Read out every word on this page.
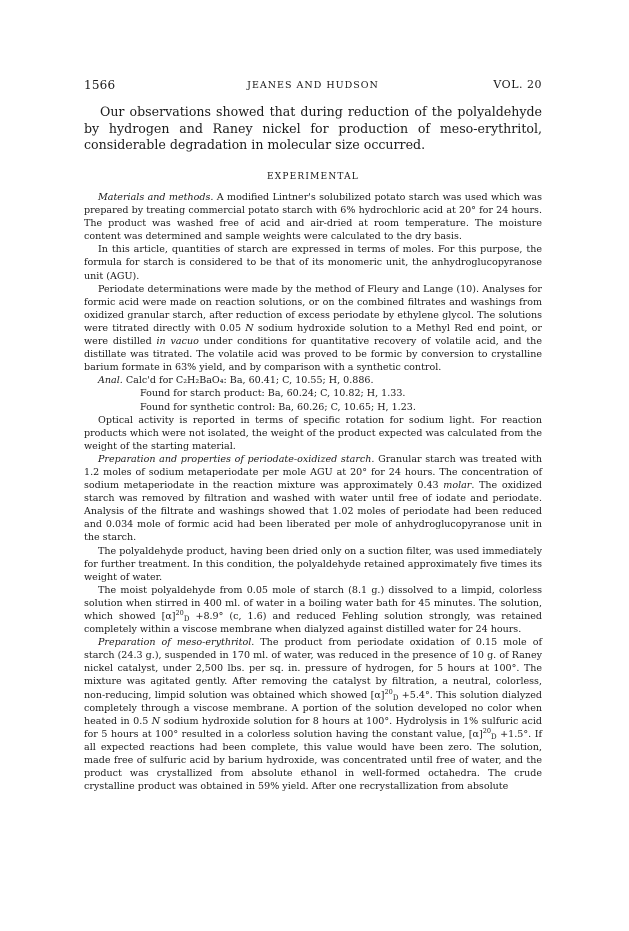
1566	JEANES AND HUDSON	VOL. 20

Our observations showed that during reduction of the polyaldehyde by hydrogen and Raney nickel for production of meso-erythritol, considerable degradation in molecular size occurred.

EXPERIMENTAL

Materials and methods. A modified Lintner's solubilized potato starch was used which was prepared by treating commercial potato starch with 6% hydrochloric acid at 20° for 24 hours. The product was washed free of acid and air-dried at room temperature. The moisture content was determined and sample weights were calculated to the dry basis.

In this article, quantities of starch are expressed in terms of moles. For this purpose, the formula for starch is considered to be that of its monomeric unit, the anhydroglucopyranose unit (AGU).

Periodate determinations were made by the method of Fleury and Lange (10). Analyses for formic acid were made on reaction solutions, or on the combined filtrates and washings from oxidized granular starch, after reduction of excess periodate by ethylene glycol. The solutions were titrated directly with 0.05 N sodium hydroxide solution to a Methyl Red end point, or were distilled in vacuo under conditions for quantitative recovery of volatile acid, and the distillate was titrated. The volatile acid was proved to be formic by conversion to crystalline barium formate in 63% yield, and by comparison with a synthetic control.

Anal. Calc'd for C₂H₂BaO₄: Ba, 60.41; C, 10.55; H, 0.886.

Found for starch product: Ba, 60.24; C, 10.82; H, 1.33.

Found for synthetic control: Ba, 60.26; C, 10.65; H, 1.23.

Optical activity is reported in terms of specific rotation for sodium light. For reaction products which were not isolated, the weight of the product expected was calculated from the weight of the starting material.

Preparation and properties of periodate-oxidized starch. Granular starch was treated with 1.2 moles of sodium metaperiodate per mole AGU at 20° for 24 hours. The concentration of sodium metaperiodate in the reaction mixture was approximately 0.43 molar. The oxidized starch was removed by filtration and washed with water until free of iodate and periodate. Analysis of the filtrate and washings showed that 1.02 moles of periodate had been reduced and 0.034 mole of formic acid had been liberated per mole of anhydroglucopyranose unit in the starch.

The polyaldehyde product, having been dried only on a suction filter, was used immediately for further treatment. In this condition, the polyaldehyde retained approximately five times its weight of water.

The moist polyaldehyde from 0.05 mole of starch (8.1 g.) dissolved to a limpid, colorless solution when stirred in 400 ml. of water in a boiling water bath for 45 minutes. The solution, which showed $[\alpha]^{20}_D +8.9^\circ$ (c, 1.6) and reduced Fehling solution strongly, was retained completely within a viscose membrane when dialyzed against distilled water for 24 hours.

Preparation of meso-erythritol. The product from periodate oxidation of 0.15 mole of starch (24.3 g.), suspended in 170 ml. of water, was reduced in the presence of 10 g. of Raney nickel catalyst, under 2,500 lbs. per sq. in. pressure of hydrogen, for 5 hours at 100°. The mixture was agitated gently. After removing the catalyst by filtration, a neutral, colorless, non-reducing, limpid solution was obtained which showed $[\alpha]^{20}_D +5.4^\circ$. This solution dialyzed completely through a viscose membrane. A portion of the solution developed no color when heated in 0.5 N sodium hydroxide solution for 8 hours at 100°. Hydrolysis in 1% sulfuric acid for 5 hours at 100° resulted in a colorless solution having the constant value, $[\alpha]^{20}_D +1.5^\circ$. If all expected reactions had been complete, this value would have been zero. The solution, made free of sulfuric acid by barium hydroxide, was concentrated until free of water, and the product was crystallized from absolute ethanol in well-formed octahedra. The crude crystalline product was obtained in 59% yield. After one recrystallization from absolute
